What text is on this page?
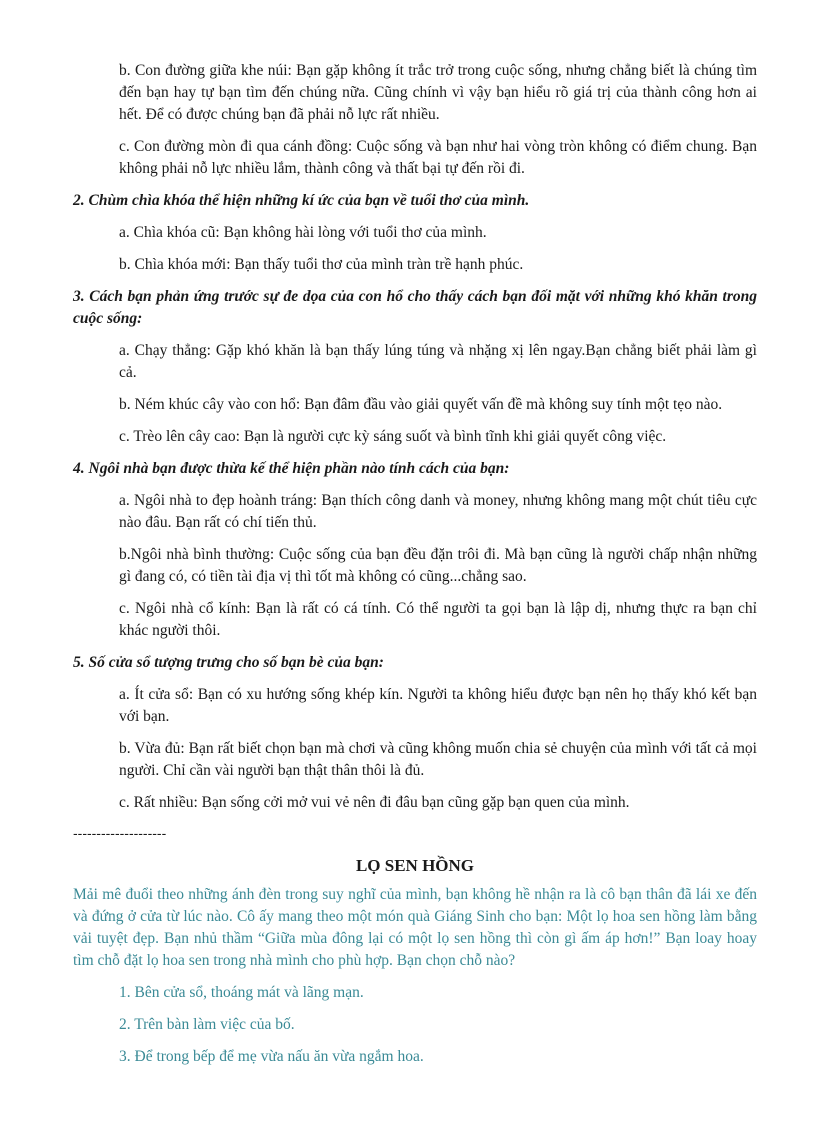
b. Con đường giữa khe núi: Bạn gặp không ít trắc trở trong cuộc sống, nhưng chẳng biết là chúng tìm đến bạn hay tự bạn tìm đến chúng nữa. Cũng chính vì vậy bạn hiểu rõ giá trị của thành công hơn ai hết. Để có được chúng bạn đã phải nỗ lực rất nhiều.

c. Con đường mòn đi qua cánh đồng: Cuộc sống và bạn như hai vòng tròn không có điểm chung. Bạn không phải nỗ lực nhiều lắm, thành công và thất bại tự đến rồi đi.

2. Chùm chìa khóa thể hiện những kí ức của bạn về tuổi thơ của mình.

a. Chìa khóa cũ: Bạn không hài lòng với tuổi thơ của mình.

b. Chìa khóa mới: Bạn thấy tuổi thơ của mình tràn trề hạnh phúc.

3. Cách bạn phản ứng trước sự đe dọa của con hổ cho thấy cách bạn đối mặt với những khó khăn trong cuộc sống:

a. Chạy thẳng: Gặp khó khăn là bạn thấy lúng túng và nhặng xị lên ngay.Bạn chẳng biết phải làm gì cả.

b. Ném khúc cây vào con hổ: Bạn đâm đầu vào giải quyết vấn đề mà không suy tính một tẹo nào.

c. Trèo lên cây cao: Bạn là người cực kỳ sáng suốt và bình tĩnh khi giải quyết công việc.

4. Ngôi nhà bạn được thừa kế thể hiện phần nào tính cách của bạn:

a. Ngôi nhà to đẹp hoành tráng: Bạn thích công danh và money, nhưng không mang một chút tiêu cực nào đâu. Bạn rất có chí tiến thủ.

b.Ngôi nhà bình thường: Cuộc sống của bạn đều đặn trôi đi. Mà bạn cũng là người chấp nhận những gì đang có, có tiền tài địa vị thì tốt mà không có cũng...chẳng sao.

c. Ngôi nhà cổ kính: Bạn là rất có cá tính. Có thể người ta gọi bạn là lập dị, nhưng thực ra bạn chỉ khác người thôi.

5. Số cửa sổ tượng trưng cho số bạn bè của bạn:

a. Ít cửa sổ: Bạn có xu hướng sống khép kín. Người ta không hiểu được bạn nên họ thấy khó kết bạn với bạn.

b. Vừa đủ: Bạn rất biết chọn bạn mà chơi và cũng không muốn chia sẻ chuyện của mình với tất cả mọi người. Chỉ cần vài người bạn thật thân thôi là đủ.

c. Rất nhiều: Bạn sống cởi mở vui vẻ nên đi đâu bạn cũng gặp bạn quen của mình.

--------------------
LỌ SEN HỒNG

Mải mê đuổi theo những ánh đèn trong suy nghĩ của mình, bạn không hề nhận ra là cô bạn thân đã lái xe đến và đứng ở cửa từ lúc nào. Cô ấy mang theo một món quà Giáng Sinh cho bạn: Một lọ hoa sen hồng làm bằng vải tuyệt đẹp. Bạn nhủ thầm “Giữa mùa đông lại có một lọ sen hồng thì còn gì ấm áp hơn!” Bạn loay hoay tìm chỗ đặt lọ hoa sen trong nhà mình cho phù hợp. Bạn chọn chỗ nào?

1. Bên cửa sổ, thoáng mát và lãng mạn.

2. Trên bàn làm việc của bố.

3. Để trong bếp để mẹ vừa nấu ăn vừa ngắm hoa.
